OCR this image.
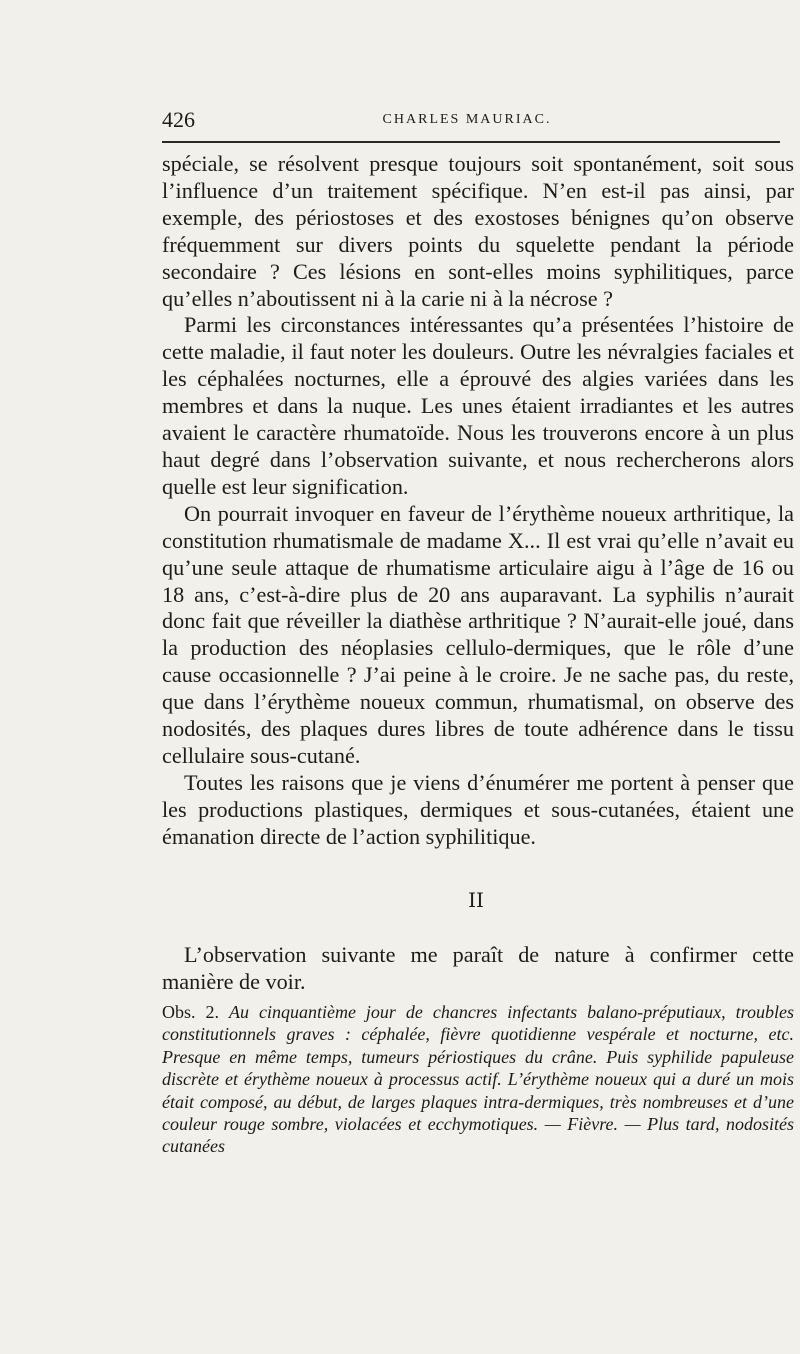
426	CHARLES MAURIAC.

spéciale, se résolvent presque toujours soit spontanément, soit sous l’influence d’un traitement spécifique. N’en est-il pas ainsi, par exemple, des périostoses et des exostoses bénignes qu’on observe fréquemment sur divers points du squelette pendant la période secondaire ? Ces lésions en sont-elles moins syphilitiques, parce qu’elles n’aboutissent ni à la carie ni à la nécrose ?

Parmi les circonstances intéressantes qu’a présentées l’histoire de cette maladie, il faut noter les douleurs. Outre les névralgies faciales et les céphalées nocturnes, elle a éprouvé des algies variées dans les membres et dans la nuque. Les unes étaient irradiantes et les autres avaient le caractère rhumatoïde. Nous les trouverons encore à un plus haut degré dans l’observation suivante, et nous rechercherons alors quelle est leur signification.

On pourrait invoquer en faveur de l’érythème noueux arthritique, la constitution rhumatismale de madame X... Il est vrai qu’elle n’avait eu qu’une seule attaque de rhumatisme articulaire aigu à l’âge de 16 ou 18 ans, c’est-à-dire plus de 20 ans auparavant. La syphilis n’aurait donc fait que réveiller la diathèse arthritique ? N’aurait-elle joué, dans la production des néoplasies cellulo-dermiques, que le rôle d’une cause occasionnelle ? J’ai peine à le croire. Je ne sache pas, du reste, que dans l’érythème noueux commun, rhumatismal, on observe des nodosités, des plaques dures libres de toute adhérence dans le tissu cellulaire sous-cutané.

Toutes les raisons que je viens d’énumérer me portent à penser que les productions plastiques, dermiques et sous-cutanées, étaient une émanation directe de l’action syphilitique.

II

L’observation suivante me paraît de nature à confirmer cette manière de voir.

Obs. 2. Au cinquantième jour de chancres infectants balano-préputiaux, troubles constitutionnels graves : céphalée, fièvre quotidienne vespérale et nocturne, etc. Presque en même temps, tumeurs périostiques du crâne. Puis syphilide papuleuse discrète et érythème noueux à processus actif. L’érythème noueux qui a duré un mois était composé, au début, de larges plaques intra-dermiques, très nombreuses et d’une couleur rouge sombre, violacées et ecchymotiques. — Fièvre. — Plus tard, nodosités cutanées
